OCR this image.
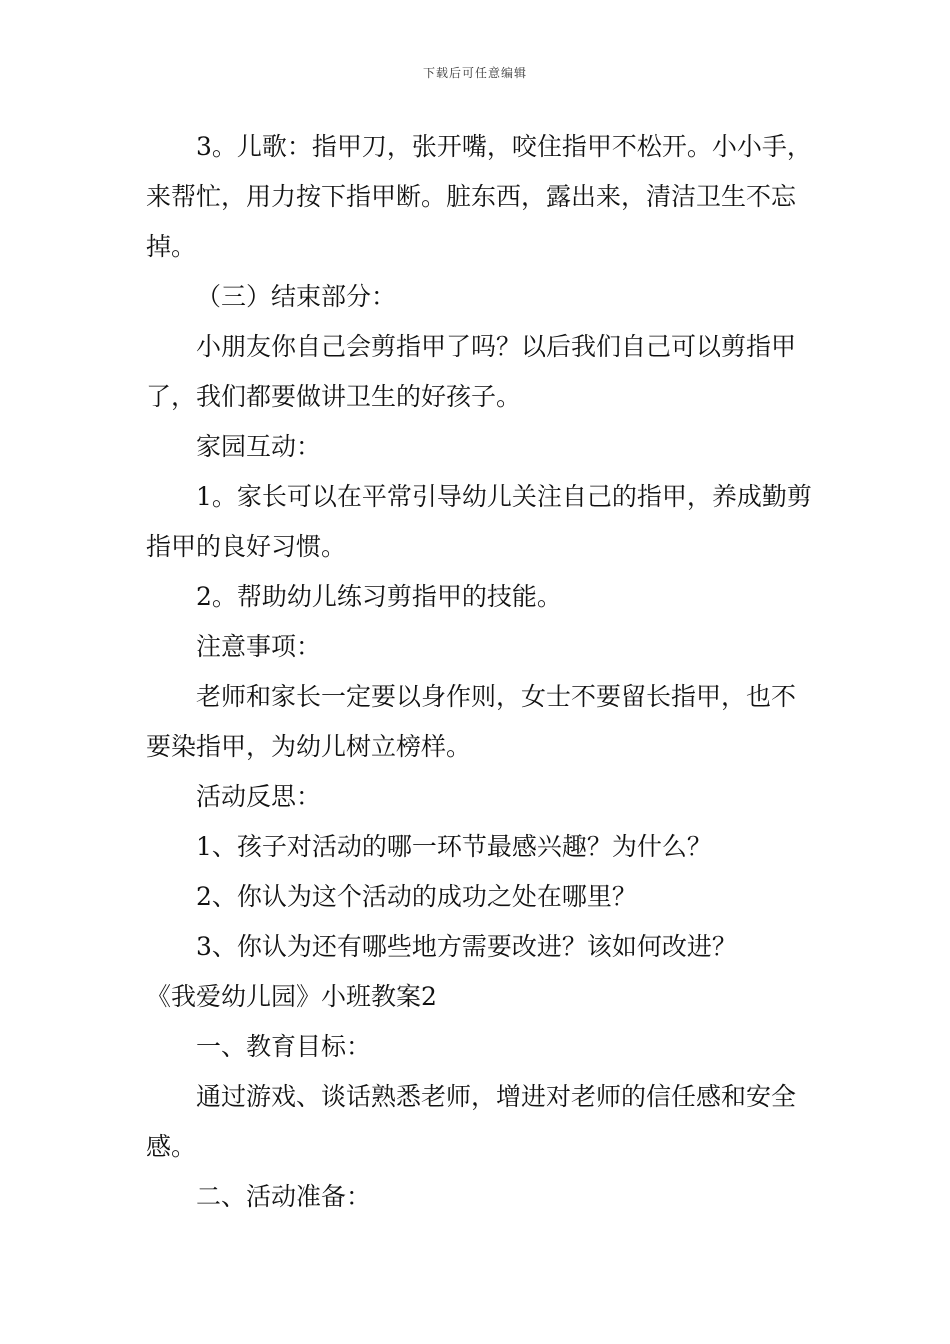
下载后可任意编辑

3。儿歌：指甲刀，张开嘴，咬住指甲不松开。小小手，来帮忙，用力按下指甲断。脏东西，露出来，清洁卫生不忘掉。

（三）结束部分：

小朋友你自己会剪指甲了吗？以后我们自己可以剪指甲了，我们都要做讲卫生的好孩子。

家园互动：

1。家长可以在平常引导幼儿关注自己的指甲，养成勤剪指甲的良好习惯。

2。帮助幼儿练习剪指甲的技能。

注意事项：

老师和家长一定要以身作则，女士不要留长指甲，也不要染指甲，为幼儿树立榜样。

活动反思：

1、孩子对活动的哪一环节最感兴趣？为什么？

2、你认为这个活动的成功之处在哪里？

3、你认为还有哪些地方需要改进？该如何改进？

《我爱幼儿园》小班教案2

一、教育目标：

通过游戏、谈话熟悉老师，增进对老师的信任感和安全感。

二、活动准备：
